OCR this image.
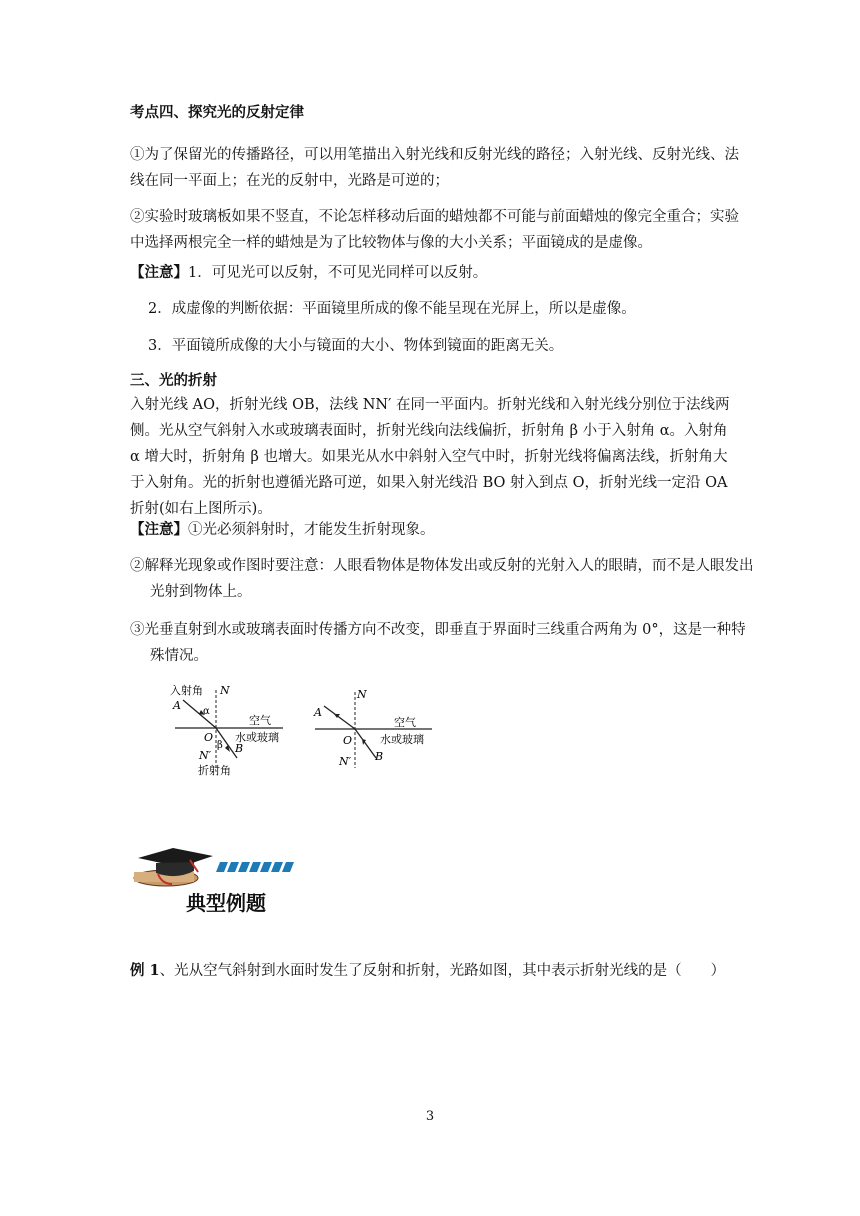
考点四、探究光的反射定律

①为了保留光的传播路径，可以用笔描出入射光线和反射光线的路径；入射光线、反射光线、法线在同一平面上；在光的反射中，光路是可逆的；

②实验时玻璃板如果不竖直，不论怎样移动后面的蜡烛都不可能与前面蜡烛的像完全重合；实验中选择两根完全一样的蜡烛是为了比较物体与像的大小关系；平面镜成的是虚像。

【注意】1．可见光可以反射，不可见光同样可以反射。

2．成虚像的判断依据：平面镜里所成的像不能呈现在光屏上，所以是虚像。

3．平面镜所成像的大小与镜面的大小、物体到镜面的距离无关。

三、光的折射

入射光线 AO，折射光线 OB，法线 NN′ 在同一平面内。折射光线和入射光线分别位于法线两侧。光从空气斜射入水或玻璃表面时，折射光线向法线偏折，折射角 β 小于入射角 α。入射角 α 增大时，折射角 β 也增大。如果光从水中斜射入空气中时，折射光线将偏离法线，折射角大于入射角。光的折射也遵循光路可逆，如果入射光线沿 BO 射入到点 O，折射光线一定沿 OA 折射(如右上图所示)。

【注意】①光必须斜射时，才能发生折射现象。

②解释光现象或作图时要注意：人眼看物体是物体发出或反射的光射入人的眼睛，而不是人眼发出光射到物体上。

③光垂直射到水或玻璃表面时传播方向不改变，即垂直于界面时三线重合两角为 0°，这是一种特殊情况。

入射角 N
A α
空气
水或玻璃
O
β B
N′
折射角
N
A
空气
水或玻璃
O
B
N′
典型例题

例 1、光从空气斜射到水面时发生了反射和折射，光路如图，其中表示折射光线的是（　　）

3
